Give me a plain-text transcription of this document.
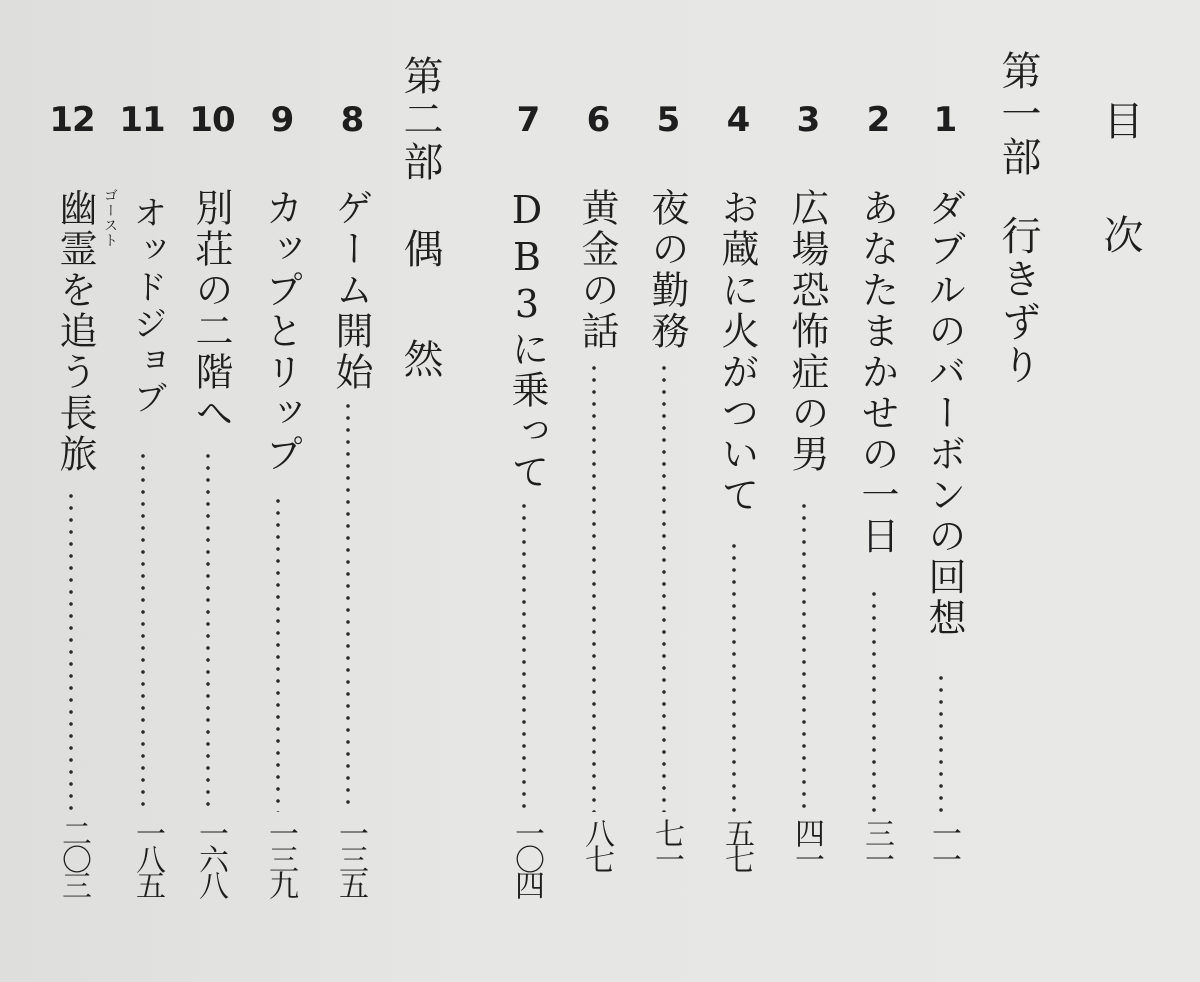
目 次
第一部
行きずり
1
ダブルのバーボンの回想
一一
2
あなたまかせの一日
三一
3
広場恐怖症の男
四一
4
お蔵に火がついて
五七
5
夜の勤務
七一
6
黄金の話
八七
7
DB3に乗って
一〇四
第二部
偶 然
8
ゲーム開始
一三五
9
カップとリップ
一三九
10
別荘の二階へ
一六八
11
オッドジョブ
一八五
12
ゴースト
幽霊を追う長旅
二〇三
